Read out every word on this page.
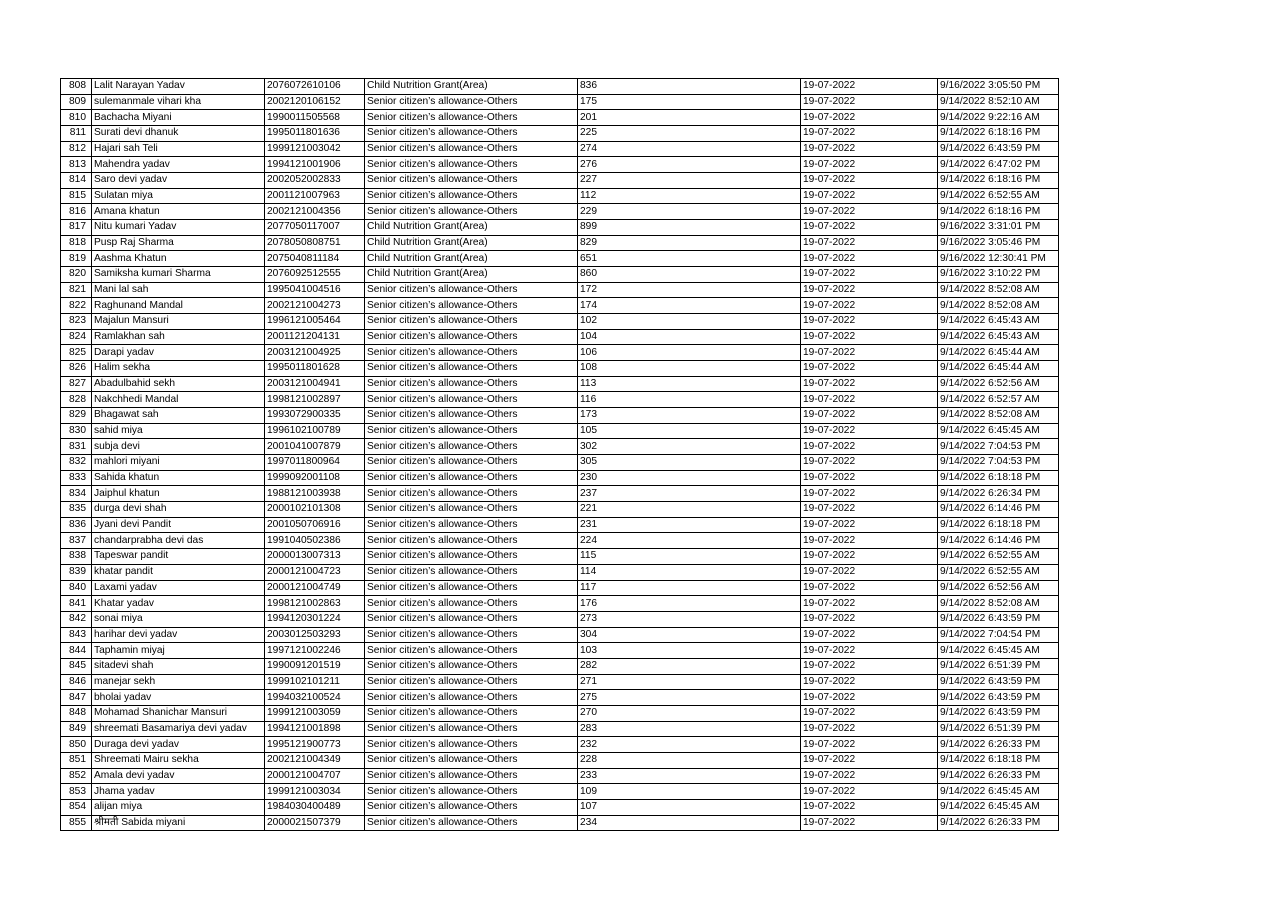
808	Lalit Narayan Yadav	2076072610106	Child Nutrition Grant(Area)	836	19-07-2022	9/16/2022 3:05:50 PM
809	sulemanmale vihari kha	2002120106152	Senior citizen’s allowance-Others	175	19-07-2022	9/14/2022 8:52:10 AM
810	Bachacha Miyani	1990011505568	Senior citizen’s allowance-Others	201	19-07-2022	9/14/2022 9:22:16 AM
811	Surati devi dhanuk	1995011801636	Senior citizen’s allowance-Others	225	19-07-2022	9/14/2022 6:18:16 PM
812	Hajari sah Teli	1999121003042	Senior citizen’s allowance-Others	274	19-07-2022	9/14/2022 6:43:59 PM
813	Mahendra yadav	1994121001906	Senior citizen’s allowance-Others	276	19-07-2022	9/14/2022 6:47:02 PM
814	Saro devi yadav	2002052002833	Senior citizen’s allowance-Others	227	19-07-2022	9/14/2022 6:18:16 PM
815	Sulatan miya	2001121007963	Senior citizen’s allowance-Others	112	19-07-2022	9/14/2022 6:52:55 AM
816	Amana khatun	2002121004356	Senior citizen’s allowance-Others	229	19-07-2022	9/14/2022 6:18:16 PM
817	Nitu kumari Yadav	2077050117007	Child Nutrition Grant(Area)	899	19-07-2022	9/16/2022 3:31:01 PM
818	Pusp Raj Sharma	2078050808751	Child Nutrition Grant(Area)	829	19-07-2022	9/16/2022 3:05:46 PM
819	Aashma Khatun	2075040811184	Child Nutrition Grant(Area)	651	19-07-2022	9/16/2022 12:30:41 PM
820	Samiksha kumari Sharma	2076092512555	Child Nutrition Grant(Area)	860	19-07-2022	9/16/2022 3:10:22 PM
821	Mani lal sah	1995041004516	Senior citizen’s allowance-Others	172	19-07-2022	9/14/2022 8:52:08 AM
822	Raghunand Mandal	2002121004273	Senior citizen’s allowance-Others	174	19-07-2022	9/14/2022 8:52:08 AM
823	Majalun Mansuri	1996121005464	Senior citizen’s allowance-Others	102	19-07-2022	9/14/2022 6:45:43 AM
824	Ramlakhan sah	2001121204131	Senior citizen’s allowance-Others	104	19-07-2022	9/14/2022 6:45:43 AM
825	Darapi yadav	2003121004925	Senior citizen’s allowance-Others	106	19-07-2022	9/14/2022 6:45:44 AM
826	Halim sekha	1995011801628	Senior citizen’s allowance-Others	108	19-07-2022	9/14/2022 6:45:44 AM
827	Abadulbahid sekh	2003121004941	Senior citizen’s allowance-Others	113	19-07-2022	9/14/2022 6:52:56 AM
828	Nakchhedi Mandal	1998121002897	Senior citizen’s allowance-Others	116	19-07-2022	9/14/2022 6:52:57 AM
829	Bhagawat sah	1993072900335	Senior citizen’s allowance-Others	173	19-07-2022	9/14/2022 8:52:08 AM
830	sahid miya	1996102100789	Senior citizen’s allowance-Others	105	19-07-2022	9/14/2022 6:45:45 AM
831	subja devi	2001041007879	Senior citizen’s allowance-Others	302	19-07-2022	9/14/2022 7:04:53 PM
832	mahlori miyani	1997011800964	Senior citizen’s allowance-Others	305	19-07-2022	9/14/2022 7:04:53 PM
833	Sahida khatun	1999092001108	Senior citizen’s allowance-Others	230	19-07-2022	9/14/2022 6:18:18 PM
834	Jaiphul khatun	1988121003938	Senior citizen’s allowance-Others	237	19-07-2022	9/14/2022 6:26:34 PM
835	durga devi shah	2000102101308	Senior citizen’s allowance-Others	221	19-07-2022	9/14/2022 6:14:46 PM
836	Jyani devi Pandit	2001050706916	Senior citizen’s allowance-Others	231	19-07-2022	9/14/2022 6:18:18 PM
837	chandarprabha devi das	1991040502386	Senior citizen’s allowance-Others	224	19-07-2022	9/14/2022 6:14:46 PM
838	Tapeswar pandit	2000013007313	Senior citizen’s allowance-Others	115	19-07-2022	9/14/2022 6:52:55 AM
839	khatar pandit	2000121004723	Senior citizen’s allowance-Others	114	19-07-2022	9/14/2022 6:52:55 AM
840	Laxami yadav	2000121004749	Senior citizen’s allowance-Others	117	19-07-2022	9/14/2022 6:52:56 AM
841	Khatar yadav	1998121002863	Senior citizen’s allowance-Others	176	19-07-2022	9/14/2022 8:52:08 AM
842	sonai miya	1994120301224	Senior citizen’s allowance-Others	273	19-07-2022	9/14/2022 6:43:59 PM
843	harihar devi yadav	2003012503293	Senior citizen’s allowance-Others	304	19-07-2022	9/14/2022 7:04:54 PM
844	Taphamin miyaj	1997121002246	Senior citizen’s allowance-Others	103	19-07-2022	9/14/2022 6:45:45 AM
845	sitadevi shah	1990091201519	Senior citizen’s allowance-Others	282	19-07-2022	9/14/2022 6:51:39 PM
846	manejar sekh	1999102101211	Senior citizen’s allowance-Others	271	19-07-2022	9/14/2022 6:43:59 PM
847	bholai yadav	1994032100524	Senior citizen’s allowance-Others	275	19-07-2022	9/14/2022 6:43:59 PM
848	Mohamad Shanichar Mansuri	1999121003059	Senior citizen’s allowance-Others	270	19-07-2022	9/14/2022 6:43:59 PM
849	shreemati Basamariya devi yadav	1994121001898	Senior citizen’s allowance-Others	283	19-07-2022	9/14/2022 6:51:39 PM
850	Duraga devi yadav	1995121900773	Senior citizen’s allowance-Others	232	19-07-2022	9/14/2022 6:26:33 PM
851	Shreemati Mairu sekha	2002121004349	Senior citizen’s allowance-Others	228	19-07-2022	9/14/2022 6:18:18 PM
852	Amala devi yadav	2000121004707	Senior citizen’s allowance-Others	233	19-07-2022	9/14/2022 6:26:33 PM
853	Jhama yadav	1999121003034	Senior citizen’s allowance-Others	109	19-07-2022	9/14/2022 6:45:45 AM
854	alijan miya	1984030400489	Senior citizen’s allowance-Others	107	19-07-2022	9/14/2022 6:45:45 AM
855	श्रीमती Sabida miyani	2000021507379	Senior citizen’s allowance-Others	234	19-07-2022	9/14/2022 6:26:33 PM
